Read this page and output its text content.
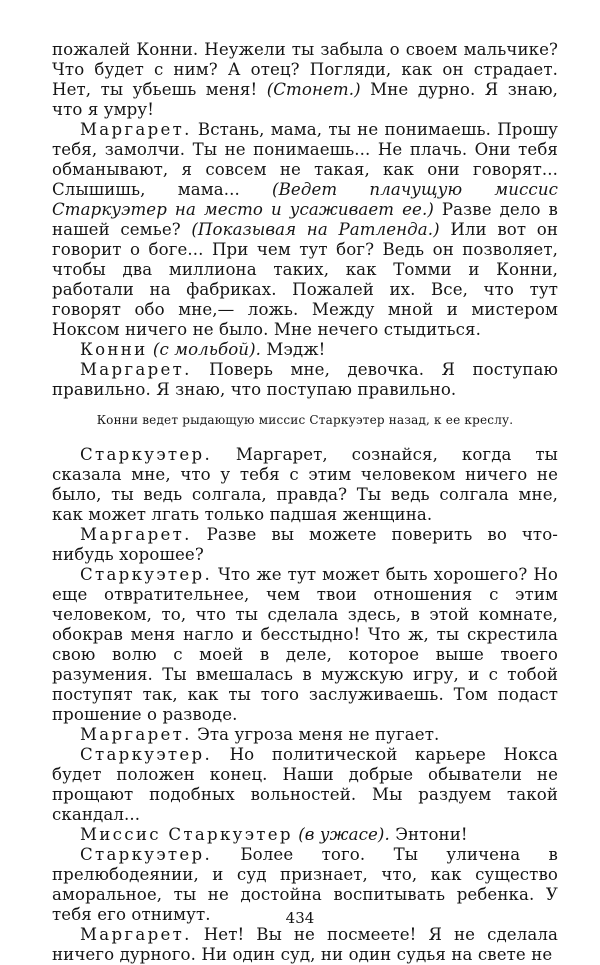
пожалей Конни. Неужели ты забыла о своем мальчике? Что будет с ним? А отец? Погляди, как он страдает. Нет, ты убьешь меня! (Стонет.) Мне дурно. Я знаю, что я умру!

Маргарет. Встань, мама, ты не понимаешь. Прошу тебя, замолчи. Ты не понимаешь... Не плачь. Они тебя обманывают, я совсем не такая, как они говорят... Слышишь, мама... (Ведет плачущую миссис Старкуэтер на место и усаживает ее.) Разве дело в нашей семье? (Показывая на Ратленда.) Или вот он говорит о боге... При чем тут бог? Ведь он позволяет, чтобы два миллиона таких, как Томми и Конни, работали на фабриках. Пожалей их. Все, что тут говорят обо мне,— ложь. Между мной и мистером Ноксом ничего не было. Мне нечего стыдиться.

Конни (с мольбой). Мэдж!

Маргарет. Поверь мне, девочка. Я поступаю правильно. Я знаю, что поступаю правильно.

Конни ведет рыдающую миссис Старкуэтер назад, к ее креслу.

Старкуэтер. Маргарет, сознайся, когда ты сказала мне, что у тебя с этим человеком ничего не было, ты ведь солгала, правда? Ты ведь солгала мне, как может лгать только падшая женщина.

Маргарет. Разве вы можете поверить во что-нибудь хорошее?

Старкуэтер. Что же тут может быть хорошего? Но еще отвратительнее, чем твои отношения с этим человеком, то, что ты сделала здесь, в этой комнате, обокрав меня нагло и бесстыдно! Что ж, ты скрестила свою волю с моей в деле, которое выше твоего разумения. Ты вмешалась в мужскую игру, и с тобой поступят так, как ты того заслуживаешь. Том подаст прошение о разводе.

Маргарет. Эта угроза меня не пугает.

Старкуэтер. Но политической карьере Нокса будет положен конец. Наши добрые обыватели не прощают подобных вольностей. Мы раздуем такой скандал...

Миссис Старкуэтер (в ужасе). Энтони!

Старкуэтер. Более того. Ты уличена в прелюбодеянии, и суд признает, что, как существо аморальное, ты не достойна воспитывать ребенка. У тебя его отнимут.

Маргарет. Нет! Вы не посмеете! Я не сделала ничего дурного. Ни один суд, ни один судья на свете не

434
